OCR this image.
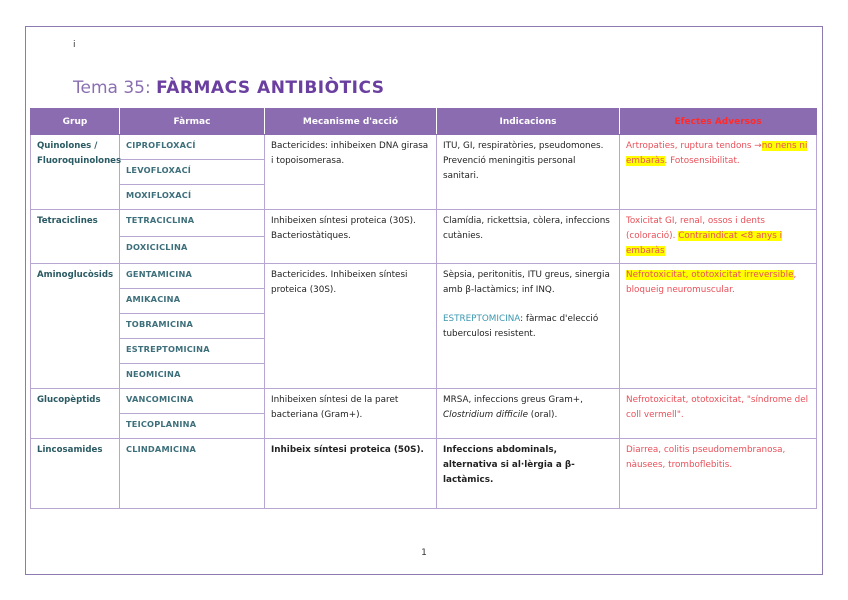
i
Tema 35: FÀRMACS ANTIBIÒTICS
Grup	Fàrmac	Mecanisme d'acció	Indicacions	Efectes Adversos
Quinolones / Fluoroquinolones	CIPROFLOXACÍ	Bactericides: inhibeixen DNA girasa i topoisomerasa.	ITU, GI, respiratòries, pseudomones. Prevenció meningitis personal sanitari.	Artropaties, ruptura tendons →no nens ni embaràs. Fotosensibilitat.
	LEVOFLOXACÍ			
	MOXIFLOXACÍ			
Tetraciclines	TETRACICLINA	Inhibeixen síntesi proteica (30S). Bacteriostàtiques.	Clamídia, rickettsia, còlera, infeccions cutànies.	Toxicitat GI, renal, ossos i dents (coloració). Contraindicat <8 anys i embaràs
	DOXICICLINA			
Aminoglucòsids	GENTAMICINA	Bactericides. Inhibeixen síntesi proteica (30S).	Sèpsia, peritonitis, ITU greus, sinergia amb β-lactàmics; inf INQ.
ESTREPTOMICINA: fàrmac d'elecció tuberculosi resistent.	Nefrotoxicitat, ototoxicitat irreversible, bloqueig neuromuscular.
	AMIKACINA			
	TOBRAMICINA			
	ESTREPTOMICINA			
	NEOMICINA			
Glucopèptids	VANCOMICINA	Inhibeixen síntesi de la paret bacteriana (Gram+).	MRSA, infeccions greus Gram+, Clostridium difficile (oral).	Nefrotoxicitat, ototoxicitat, "síndrome del coll vermell".
	TEICOPLANINA			
Lincosamides	CLINDAMICINA	Inhibeix síntesi proteica (50S).	Infeccions abdominals, alternativa si al·lèrgia a β-lactàmics.	Diarrea, colitis pseudomembranosa, nàusees, tromboflebitis.
1
